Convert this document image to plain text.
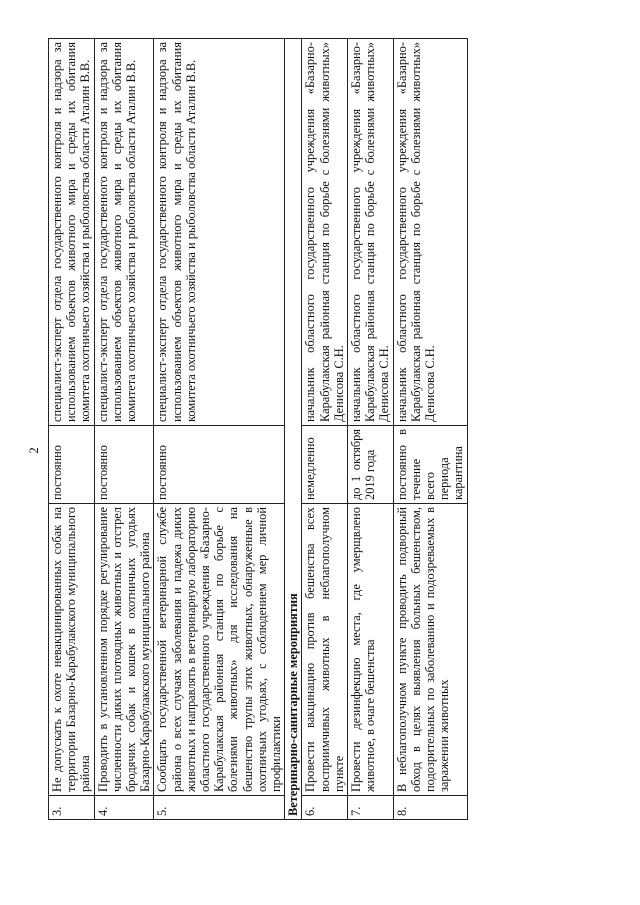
2
3.	Не допускать к охоте невакцинированных собак на территории Базарно-Карабулакского муниципального района	постоянно	специалист-эксперт отдела государственного контроля и надзора за использованием объектов животного мира и среды их обитания комитета охотничьего хозяйства и рыболовства области Аталин В.В.
4.	Проводить в установленном порядке регулирование численности диких плотоядных животных и отстрел бродячих собак и кошек в охотничьих угодьях Базарно-Карабулакского муниципального района	постоянно	специалист-эксперт отдела государственного контроля и надзора за использованием объектов животного мира и среды их обитания комитета охотничьего хозяйства и рыболовства области Аталин В.В.
5.	Сообщать государственной ветеринарной службе района о всех случаях заболевания и падежа диких животных и направлять в ветеринарную лабораторию областного государственного учреждения «Базарно-Карабулакская районная станция по борьбе с болезнями животных» для исследования на бешенство трупы этих животных, обнаруженные в охотничьих угодьях, с соблюдением мер личной профилактики	постоянно	специалист-эксперт отдела государственного контроля и надзора за использованием объектов животного мира и среды их обитания комитета охотничьего хозяйства и рыболовства области Аталин В.В.
Ветеринарно-санитарные мероприятия			
6.	Провести вакцинацию против бешенства всех восприимчивых животных в неблагополучном пункте	немедленно	начальник областного государственного учреждения «Базарно-Карабулакская районная станция по борьбе с болезнями животных» Денисова С.Н.
7.	Провести дезинфекцию места, где умерщвлено животное, в очаге бешенства	до 1 октября 2019 года	начальник областного государственного учреждения «Базарно-Карабулакская районная станция по борьбе с болезнями животных» Денисова С.Н.
8.	В неблагополучном пункте проводить подворный обход в целях выявления больных бешенством, подозрительных по заболеванию и подозреваемых в заражении животных	постоянно в течение всего периода карантина	начальник областного государственного учреждения «Базарно-Карабулакская районная станция по борьбе с болезнями животных» Денисова С.Н.
